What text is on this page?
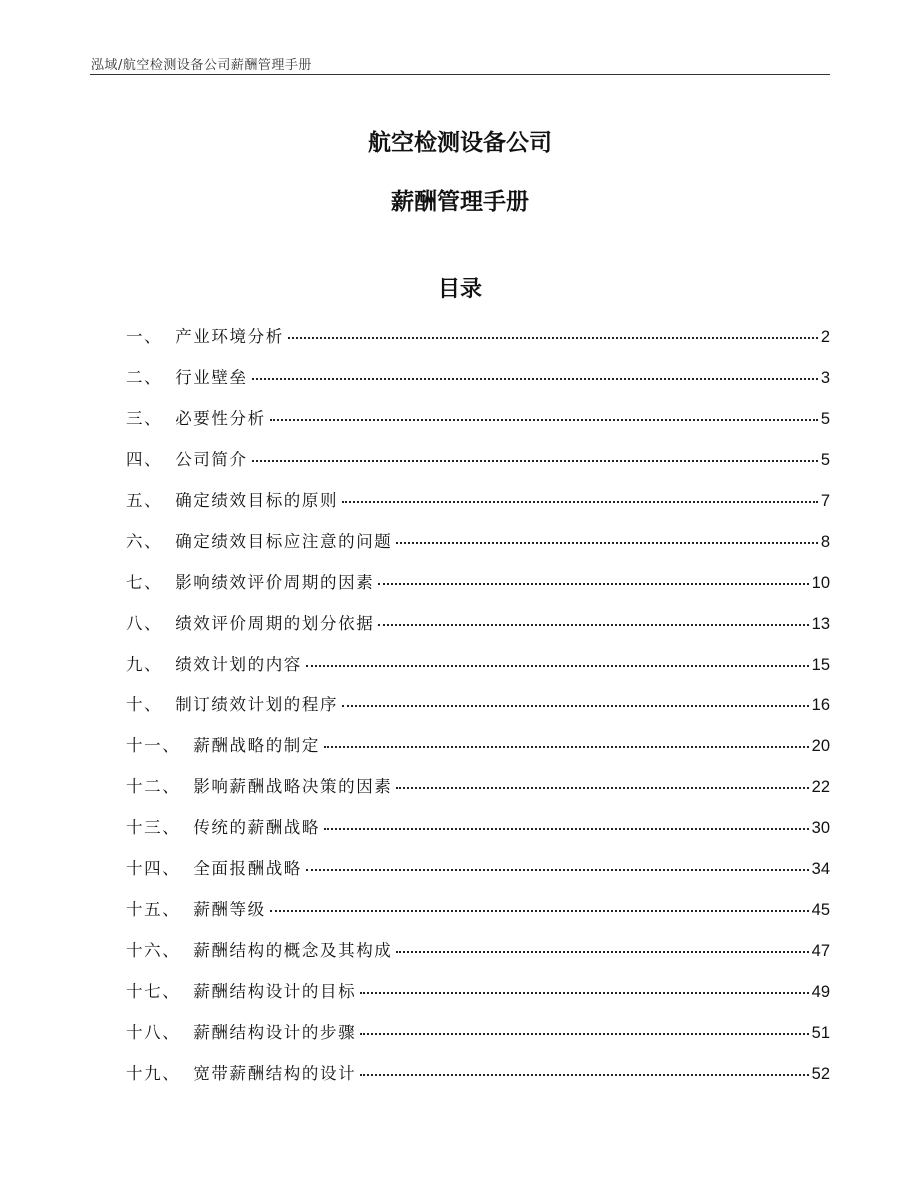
泓域/航空检测设备公司薪酬管理手册
航空检测设备公司
薪酬管理手册
目录
一、 产业环境分析	2
二、 行业壁垒	3
三、 必要性分析	5
四、 公司简介	5
五、 确定绩效目标的原则	7
六、 确定绩效目标应注意的问题	8
七、 影响绩效评价周期的因素	10
八、 绩效评价周期的划分依据	13
九、 绩效计划的内容	15
十、 制订绩效计划的程序	16
十一、 薪酬战略的制定	20
十二、 影响薪酬战略决策的因素	22
十三、 传统的薪酬战略	30
十四、 全面报酬战略	34
十五、 薪酬等级	45
十六、 薪酬结构的概念及其构成	47
十七、 薪酬结构设计的目标	49
十八、 薪酬结构设计的步骤	51
十九、 宽带薪酬结构的设计	52
